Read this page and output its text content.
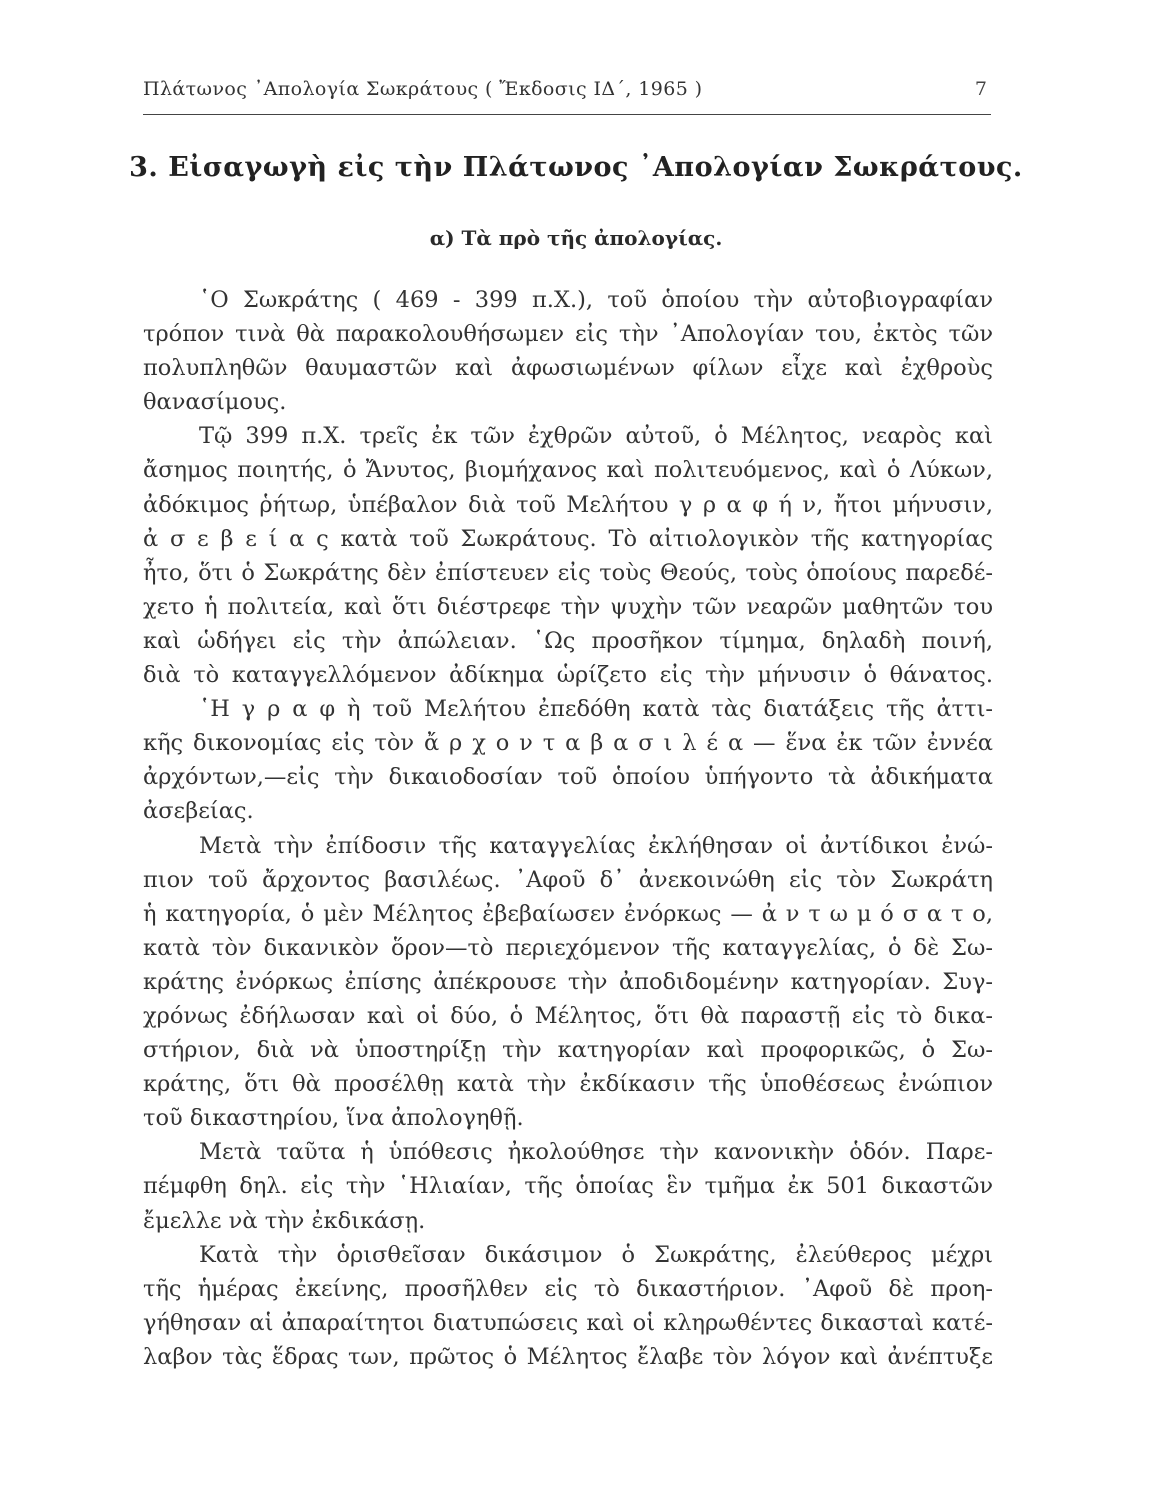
Πλάτωνος ᾿Απολογία Σωκράτους ( Ἔκδοσις ΙΔ΄, 1965 )	7
3. Εἰσαγωγὴ εἰς τὴν Πλάτωνος ᾿Απολογίαν Σωκράτους.
α) Τὰ πρὸ τῆς ἀπολογίας.
῾Ο Σωκράτης ( 469 - 399 π.Χ.), τοῦ ὁποίου τὴν αὐτοβιογραφίαν
τρόπον τινὰ θὰ παρακολουθήσωμεν εἰς τὴν ᾿Απολογίαν του, ἐκτὸς τῶν
πολυπληθῶν θαυμαστῶν καὶ ἀφωσιωμένων φίλων εἶχε καὶ ἐχθροὺς
θανασίμους.
Τῷ 399 π.Χ. τρεῖς ἐκ τῶν ἐχθρῶν αὐτοῦ, ὁ Μέλητος, νεαρὸς καὶ
ἄσημος ποιητής, ὁ Ἄνυτος, βιομήχανος καὶ πολιτευόμενος, καὶ ὁ Λύκων,
ἀδόκιμος ῥήτωρ, ὑπέβαλον διὰ τοῦ Μελήτου γ ρ α φ ή ν, ἤτοι μήνυσιν,
ἀ σ ε β ε ί α ς κατὰ τοῦ Σωκράτους. Τὸ αἰτιολογικὸν τῆς κατηγορίας
ἦτο, ὅτι ὁ Σωκράτης δὲν ἐπίστευεν εἰς τοὺς Θεούς, τοὺς ὁποίους παρεδέ-
χετο ἡ πολιτεία, καὶ ὅτι διέστρεφε τὴν ψυχὴν τῶν νεαρῶν μαθητῶν του
καὶ ὡδήγει εἰς τὴν ἀπώλειαν. ῾Ως προσῆκον τίμημα, δηλαδὴ ποινή,
διὰ τὸ καταγγελλόμενον ἀδίκημα ὡρίζετο εἰς τὴν μήνυσιν ὁ θάνατος.
῾Η γ ρ α φ ὴ τοῦ Μελήτου ἐπεδόθη κατὰ τὰς διατάξεις τῆς ἀττι-
κῆς δικονομίας εἰς τὸν ἄ ρ χ ο ν τ α β α σ ι λ έ α — ἕνα ἐκ τῶν ἐννέα
ἀρχόντων,—εἰς τὴν δικαιοδοσίαν τοῦ ὁποίου ὑπήγοντο τὰ ἀδικήματα
ἀσεβείας.
Μετὰ τὴν ἐπίδοσιν τῆς καταγγελίας ἐκλήθησαν οἱ ἀντίδικοι ἐνώ-
πιον τοῦ ἄρχοντος βασιλέως. ᾿Αφοῦ δ᾿ ἀνεκοινώθη εἰς τὸν Σωκράτη
ἡ κατηγορία, ὁ μὲν Μέλητος ἐβεβαίωσεν ἐνόρκως — ἀ ν τ ω μ ό σ α τ ο,
κατὰ τὸν δικανικὸν ὅρον—τὸ περιεχόμενον τῆς καταγγελίας, ὁ δὲ Σω-
κράτης ἐνόρκως ἐπίσης ἀπέκρουσε τὴν ἀποδιδομένην κατηγορίαν. Συγ-
χρόνως ἐδήλωσαν καὶ οἱ δύο, ὁ Μέλητος, ὅτι θὰ παραστῇ εἰς τὸ δικα-
στήριον, διὰ νὰ ὑποστηρίξῃ τὴν κατηγορίαν καὶ προφορικῶς, ὁ Σω-
κράτης, ὅτι θὰ προσέλθῃ κατὰ τὴν ἐκδίκασιν τῆς ὑποθέσεως ἐνώπιον
τοῦ δικαστηρίου, ἵνα ἀπολογηθῇ.
Μετὰ ταῦτα ἡ ὑπόθεσις ἠκολούθησε τὴν κανονικὴν ὁδόν. Παρε-
πέμφθη δηλ. εἰς τὴν ῾Ηλιαίαν, τῆς ὁποίας ἓν τμῆμα ἐκ 501 δικαστῶν
ἔμελλε νὰ τὴν ἐκδικάσῃ.
Κατὰ τὴν ὁρισθεῖσαν δικάσιμον ὁ Σωκράτης, ἐλεύθερος μέχρι
τῆς ἡμέρας ἐκείνης, προσῆλθεν εἰς τὸ δικαστήριον. ᾿Αφοῦ δὲ προη-
γήθησαν αἱ ἀπαραίτητοι διατυπώσεις καὶ οἱ κληρωθέντες δικασταὶ κατέ-
λαβον τὰς ἕδρας των, πρῶτος ὁ Μέλητος ἔλαβε τὸν λόγον καὶ ἀνέπτυξε
